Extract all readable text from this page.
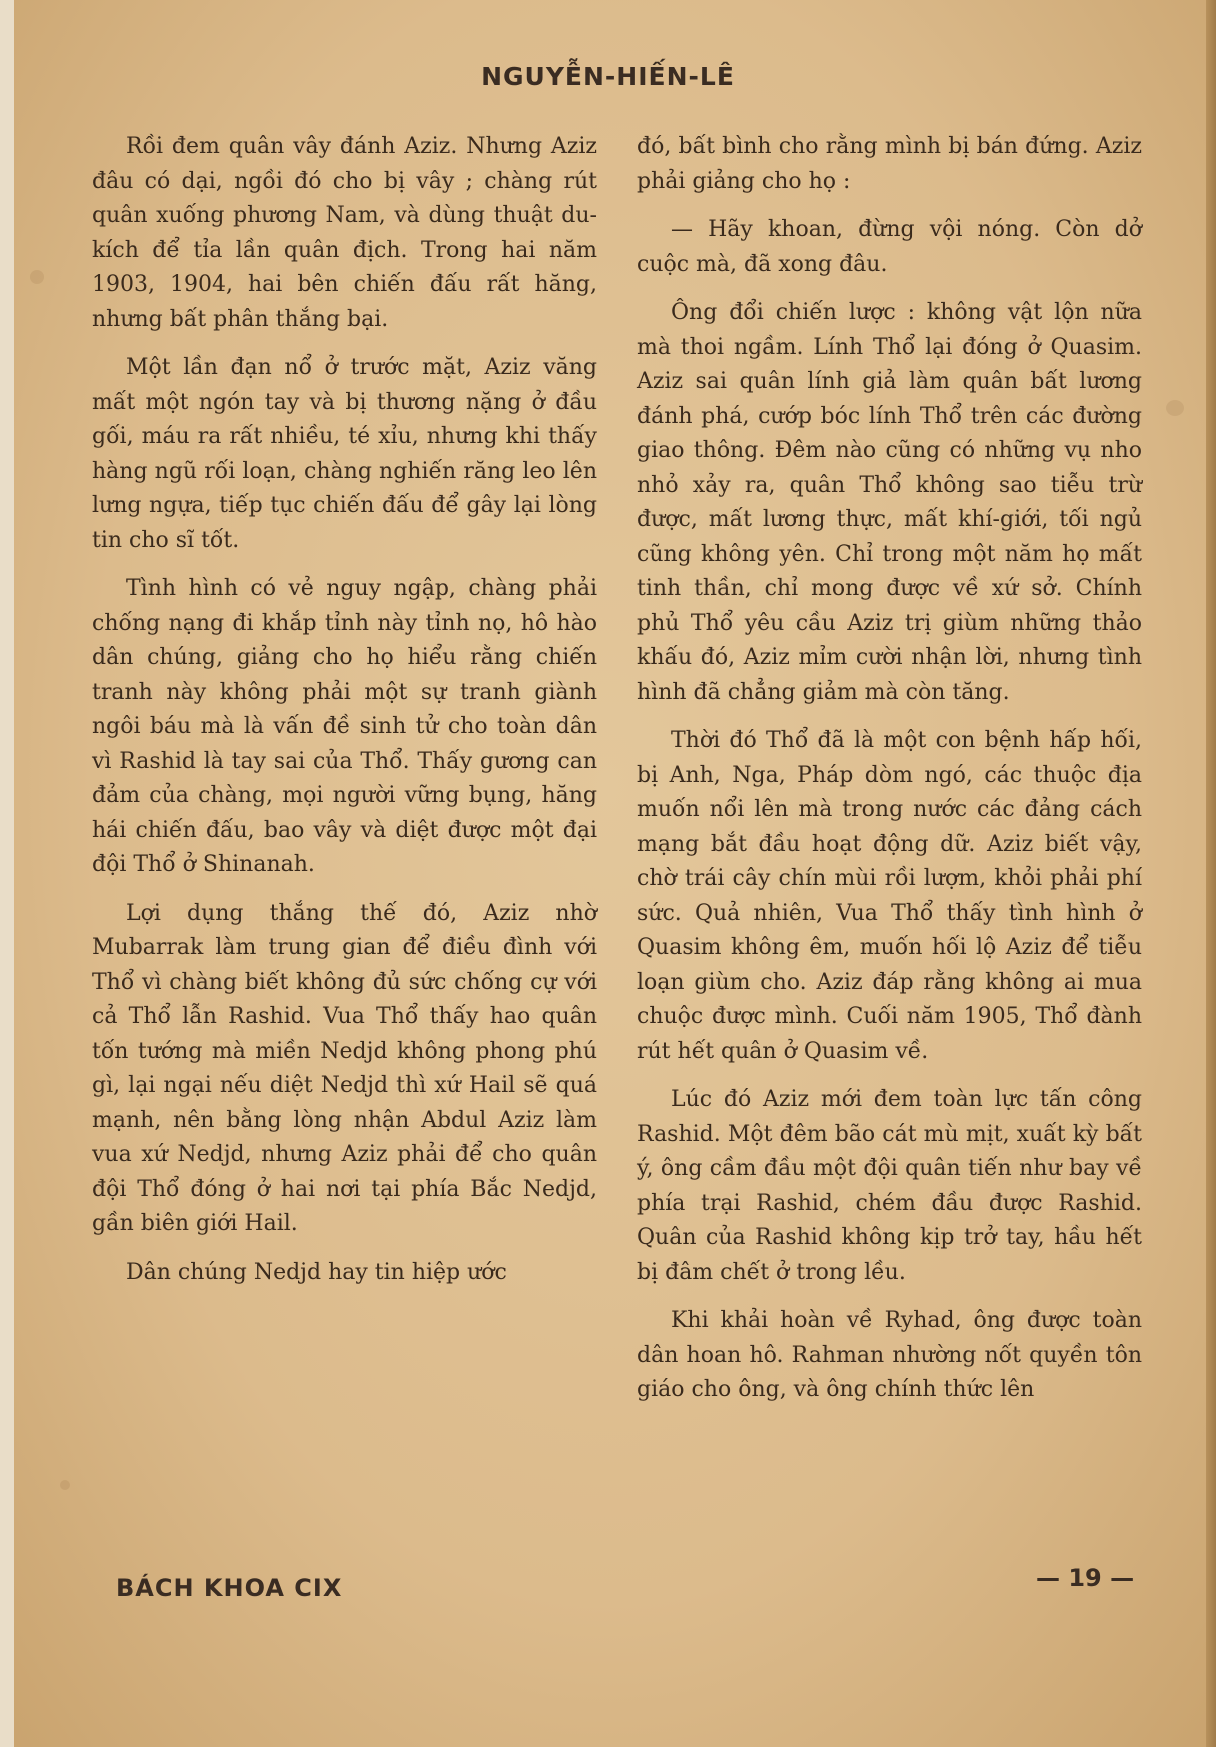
NGUYỄN-HIẾN-LÊ

Rồi đem quân vây đánh Aziz. Nhưng Aziz đâu có dại, ngồi đó cho bị vây ; chàng rút quân xuống phương Nam, và dùng thuật du-kích để tỉa lần quân địch. Trong hai năm 1903, 1904, hai bên chiến đấu rất hăng, nhưng bất phân thắng bại.

Một lần đạn nổ ở trước mặt, Aziz văng mất một ngón tay và bị thương nặng ở đầu gối, máu ra rất nhiều, té xỉu, nhưng khi thấy hàng ngũ rối loạn, chàng nghiến răng leo lên lưng ngựa, tiếp tục chiến đấu để gây lại lòng tin cho sĩ tốt.

Tình hình có vẻ nguy ngập, chàng phải chống nạng đi khắp tỉnh này tỉnh nọ, hô hào dân chúng, giảng cho họ hiểu rằng chiến tranh này không phải một sự tranh giành ngôi báu mà là vấn đề sinh tử cho toàn dân vì Rashid là tay sai của Thổ. Thấy gương can đảm của chàng, mọi người vững bụng, hăng hái chiến đấu, bao vây và diệt được một đại đội Thổ ở Shinanah.

Lợi dụng thắng thế đó, Aziz nhờ Mubarrak làm trung gian để điều đình với Thổ vì chàng biết không đủ sức chống cự với cả Thổ lẫn Rashid. Vua Thổ thấy hao quân tốn tướng mà miền Nedjd không phong phú gì, lại ngại nếu diệt Nedjd thì xứ Hail sẽ quá mạnh, nên bằng lòng nhận Abdul Aziz làm vua xứ Nedjd, nhưng Aziz phải để cho quân đội Thổ đóng ở hai nơi tại phía Bắc Nedjd, gần biên giới Hail.

Dân chúng Nedjd hay tin hiệp ước

đó, bất bình cho rằng mình bị bán đứng. Aziz phải giảng cho họ :

— Hãy khoan, đừng vội nóng. Còn dở cuộc mà, đã xong đâu.

Ông đổi chiến lược : không vật lộn nữa mà thoi ngầm. Lính Thổ lại đóng ở Quasim. Aziz sai quân lính giả làm quân bất lương đánh phá, cướp bóc lính Thổ trên các đường giao thông. Đêm nào cũng có những vụ nho nhỏ xảy ra, quân Thổ không sao tiễu trừ được, mất lương thực, mất khí-giới, tối ngủ cũng không yên. Chỉ trong một năm họ mất tinh thần, chỉ mong được về xứ sở. Chính phủ Thổ yêu cầu Aziz trị giùm những thảo khấu đó, Aziz mỉm cười nhận lời, nhưng tình hình đã chẳng giảm mà còn tăng.

Thời đó Thổ đã là một con bệnh hấp hối, bị Anh, Nga, Pháp dòm ngó, các thuộc địa muốn nổi lên mà trong nước các đảng cách mạng bắt đầu hoạt động dữ. Aziz biết vậy, chờ trái cây chín mùi rồi lượm, khỏi phải phí sức. Quả nhiên, Vua Thổ thấy tình hình ở Quasim không êm, muốn hối lộ Aziz để tiễu loạn giùm cho. Aziz đáp rằng không ai mua chuộc được mình. Cuối năm 1905, Thổ đành rút hết quân ở Quasim về.

Lúc đó Aziz mới đem toàn lực tấn công Rashid. Một đêm bão cát mù mịt, xuất kỳ bất ý, ông cầm đầu một đội quân tiến như bay về phía trại Rashid, chém đầu được Rashid. Quân của Rashid không kịp trở tay, hầu hết bị đâm chết ở trong lều.

Khi khải hoàn về Ryhad, ông được toàn dân hoan hô. Rahman nhường nốt quyền tôn giáo cho ông, và ông chính thức lên

BÁCH KHOA CIX	— 19 —
